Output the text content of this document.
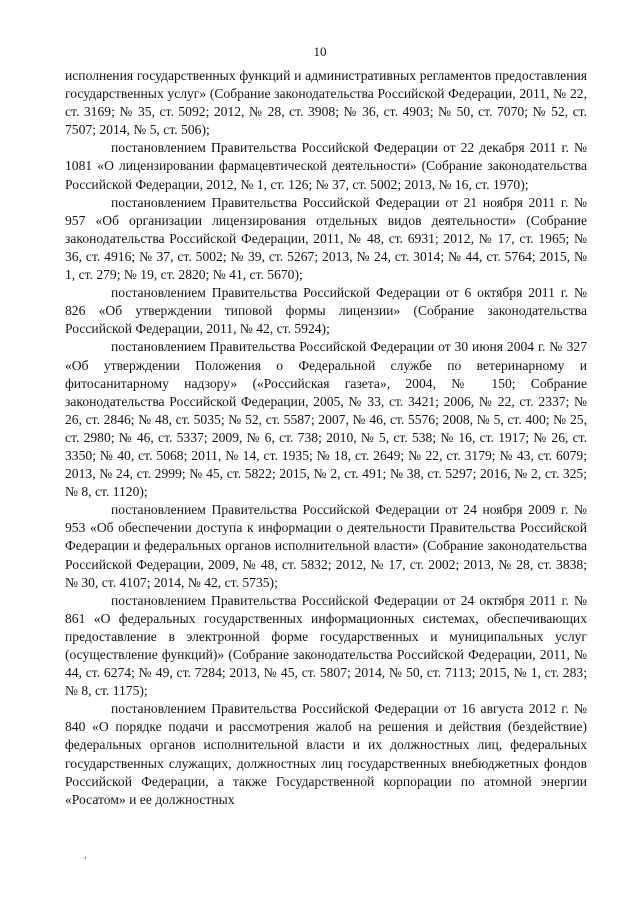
10

исполнения государственных функций и административных регламентов предоставления государственных услуг» (Собрание законодательства Российской Федерации, 2011, № 22, ст. 3169; № 35, ст. 5092; 2012, № 28, ст. 3908; № 36, ст. 4903; № 50, ст. 7070; № 52, ст. 7507; 2014, № 5, ст. 506);

постановлением Правительства Российской Федерации от 22 декабря 2011 г. № 1081 «О лицензировании фармацевтической деятельности» (Собрание законодательства Российской Федерации, 2012, № 1, ст. 126; № 37, ст. 5002; 2013, № 16, ст. 1970);

постановлением Правительства Российской Федерации от 21 ноября 2011 г. № 957 «Об организации лицензирования отдельных видов деятельности» (Собрание законодательства Российской Федерации, 2011, № 48, ст. 6931; 2012, № 17, ст. 1965; № 36, ст. 4916; № 37, ст. 5002; № 39, ст. 5267; 2013, № 24, ст. 3014; № 44, ст. 5764; 2015, № 1, ст. 279; № 19, ст. 2820; № 41, ст. 5670);

постановлением Правительства Российской Федерации от 6 октября 2011 г. № 826 «Об утверждении типовой формы лицензии» (Собрание законодательства Российской Федерации, 2011, № 42, ст. 5924);

постановлением Правительства Российской Федерации от 30 июня 2004 г. № 327 «Об утверждении Положения о Федеральной службе по ветеринарному и фитосанитарному надзору» («Российская газета», 2004, № 150; Собрание законодательства Российской Федерации, 2005, № 33, ст. 3421; 2006, № 22, ст. 2337; № 26, ст. 2846; № 48, ст. 5035; № 52, ст. 5587; 2007, № 46, ст. 5576; 2008, № 5, ст. 400; № 25, ст. 2980; № 46, ст. 5337; 2009, № 6, ст. 738; 2010, № 5, ст. 538; № 16, ст. 1917; № 26, ст. 3350; № 40, ст. 5068; 2011, № 14, ст. 1935; № 18, ст. 2649; № 22, ст. 3179; № 43, ст. 6079; 2013, № 24, ст. 2999; № 45, ст. 5822; 2015, № 2, ст. 491; № 38, ст. 5297; 2016, № 2, ст. 325; № 8, ст. 1120);

постановлением Правительства Российской Федерации от 24 ноября 2009 г. № 953 «Об обеспечении доступа к информации о деятельности Правительства Российской Федерации и федеральных органов исполнительной власти» (Собрание законодательства Российской Федерации, 2009, № 48, ст. 5832; 2012, № 17, ст. 2002; 2013, № 28, ст. 3838; № 30, ст. 4107; 2014, № 42, ст. 5735);

постановлением Правительства Российской Федерации от 24 октября 2011 г. № 861 «О федеральных государственных информационных системах, обеспечивающих предоставление в электронной форме государственных и муниципальных услуг (осуществление функций)» (Собрание законодательства Российской Федерации, 2011, № 44, ст. 6274; № 49, ст. 7284; 2013, № 45, ст. 5807; 2014, № 50, ст. 7113; 2015, № 1, ст. 283; № 8, ст. 1175);

постановлением Правительства Российской Федерации от 16 августа 2012 г. № 840 «О порядке подачи и рассмотрения жалоб на решения и действия (бездействие) федеральных органов исполнительной власти и их должностных лиц, федеральных государственных служащих, должностных лиц государственных внебюджетных фондов Российской Федерации, а также Государственной корпорации по атомной энергии «Росатом» и ее должностных
